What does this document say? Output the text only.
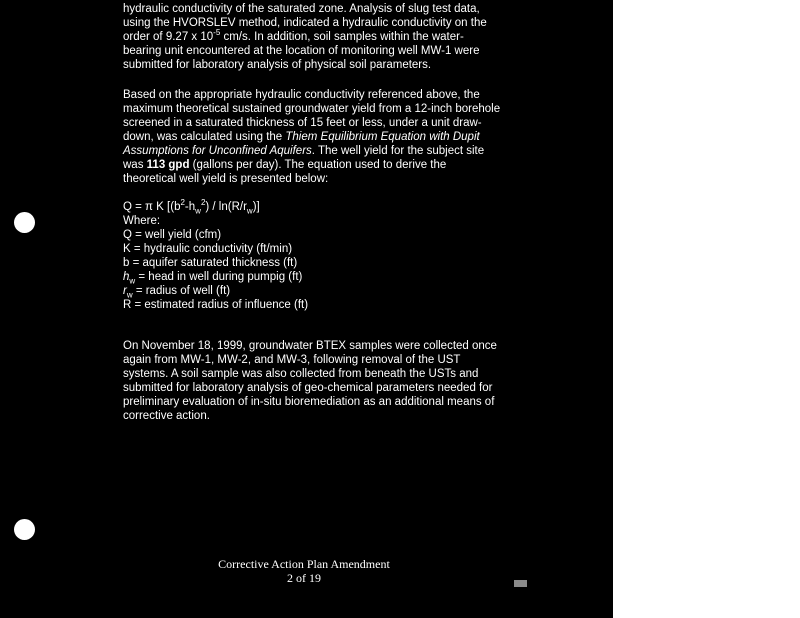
hydraulic conductivity of the saturated zone. Analysis of slug test data,
using the HVORSLEV method, indicated a hydraulic conductivity on the
order of 9.27 x $10^{-5}$ cm/s. In addition, soil samples within the water-
bearing unit encountered at the location of monitoring well MW-1 were
submitted for laboratory analysis of physical soil parameters.
Based on the appropriate hydraulic conductivity referenced above, the
maximum theoretical sustained groundwater yield from a 12-inch borehole
screened in a saturated thickness of 15 feet or less, under a unit draw-
down, was calculated using the Thiem Equilibrium Equation with Dupit
Assumptions for Unconfined Aquifers. The well yield for the subject site
was 113 gpd (gallons per day). The equation used to derive the
theoretical well yield is presented below:
Q = π K $[(b^2-h_w^2) / \ln(R/r_w)]$
Where:
Q = well yield (cfm)
K = hydraulic conductivity (ft/min)
b = aquifer saturated thickness (ft)
$h_w$ = head in well during pumpig (ft)
$r_w$ = radius of well (ft)
R = estimated radius of influence (ft)
On November 18, 1999, groundwater BTEX samples were collected once
again from MW-1, MW-2, and MW-3, following removal of the UST
systems. A soil sample was also collected from beneath the USTs and
submitted for laboratory analysis of geo-chemical parameters needed for
preliminary evaluation of in-situ bioremediation as an additional means of
corrective action.
Corrective Action Plan Amendment
2 of 19
